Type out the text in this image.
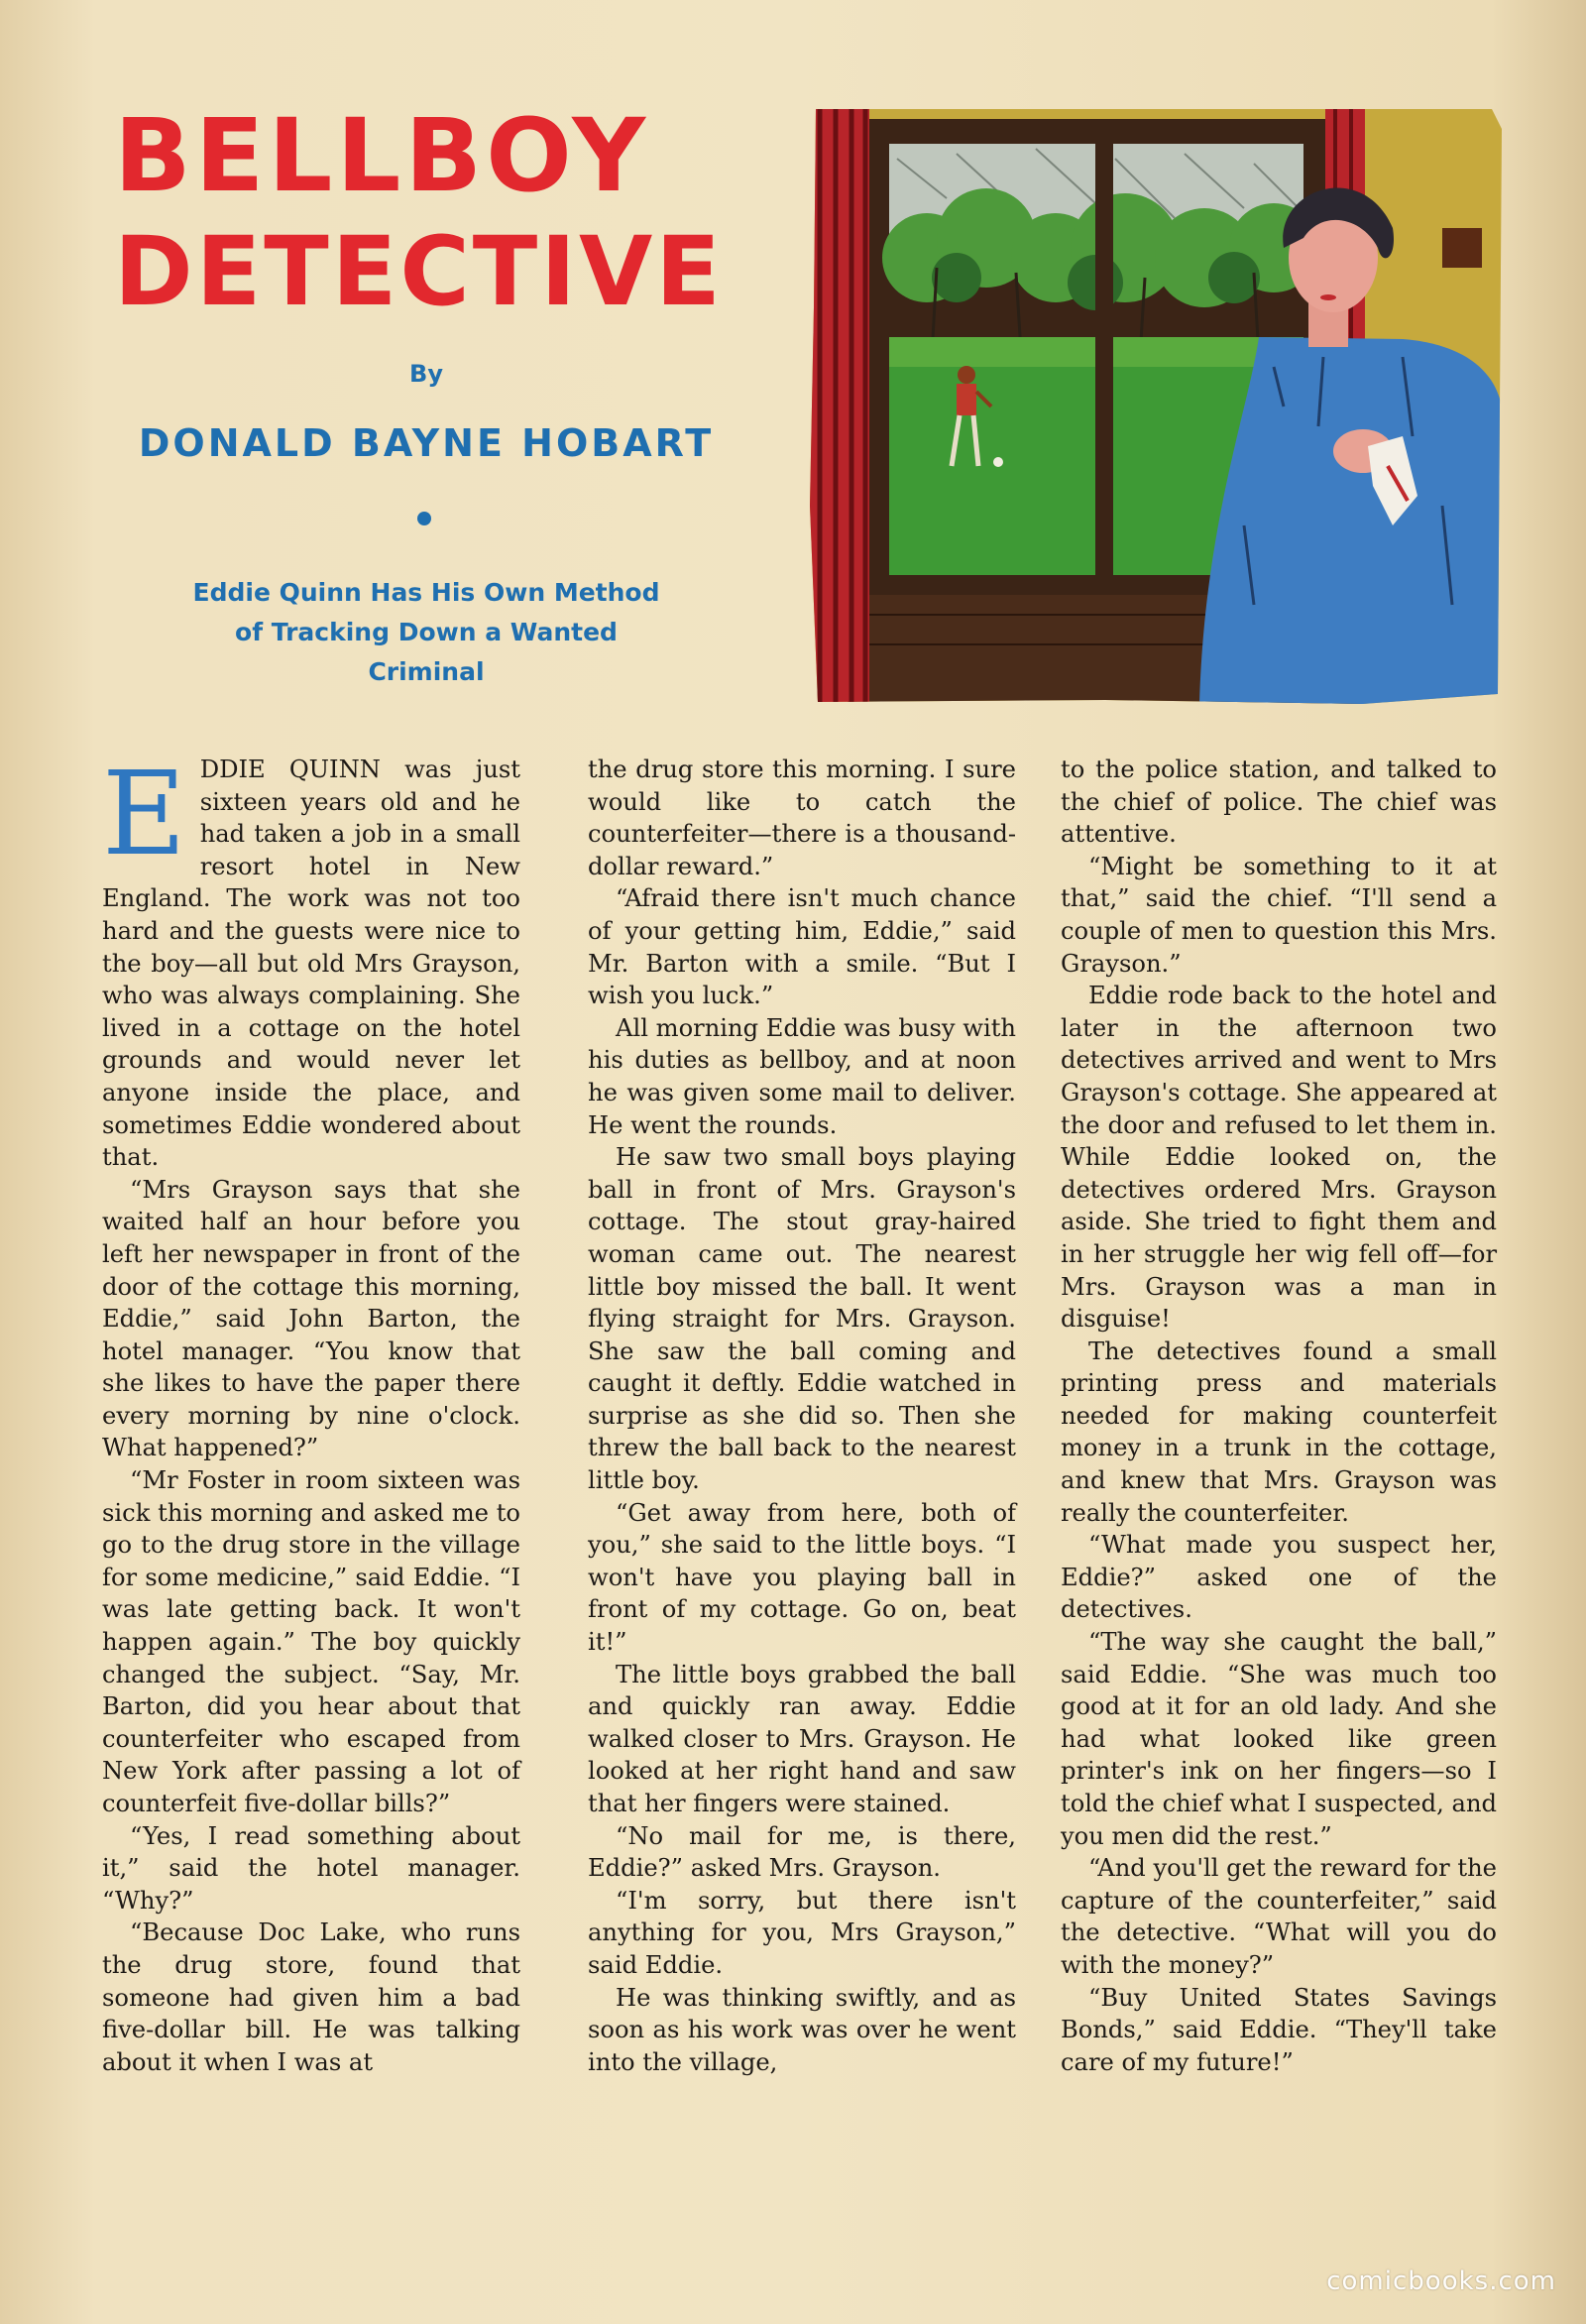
BELLBOY
DETECTIVE
By
DONALD BAYNE HOBART
Eddie Quinn Has His Own Method
of Tracking Down a Wanted
Criminal

EDDIE QUINN was just sixteen years old and he had taken a job in a small resort hotel in New England. The work was not too hard and the guests were nice to the boy—all but old Mrs Grayson, who was always complaining. She lived in a cottage on the hotel grounds and would never let anyone inside the place, and sometimes Eddie wondered about that.

“Mrs Grayson says that she waited half an hour before you left her newspaper in front of the door of the cottage this morning, Eddie,” said John Barton, the hotel manager. “You know that she likes to have the paper there every morning by nine o'clock. What happened?”

“Mr Foster in room sixteen was sick this morning and asked me to go to the drug store in the village for some medicine,” said Eddie. “I was late getting back. It won't happen again.” The boy quickly changed the subject. “Say, Mr. Barton, did you hear about that counterfeiter who escaped from New York after passing a lot of counterfeit five-dollar bills?”

“Yes, I read something about it,” said the hotel manager. “Why?”

“Because Doc Lake, who runs the drug store, found that someone had given him a bad five-dollar bill. He was talking about it when I was at

the drug store this morning. I sure would like to catch the counterfeiter—there is a thousand-dollar reward.”

“Afraid there isn't much chance of your getting him, Eddie,” said Mr. Barton with a smile. “But I wish you luck.”

All morning Eddie was busy with his duties as bellboy, and at noon he was given some mail to deliver. He went the rounds.

He saw two small boys playing ball in front of Mrs. Grayson's cottage. The stout gray-haired woman came out. The nearest little boy missed the ball. It went flying straight for Mrs. Grayson. She saw the ball coming and caught it deftly. Eddie watched in surprise as she did so. Then she threw the ball back to the nearest little boy.

“Get away from here, both of you,” she said to the little boys. “I won't have you playing ball in front of my cottage. Go on, beat it!”

The little boys grabbed the ball and quickly ran away. Eddie walked closer to Mrs. Grayson. He looked at her right hand and saw that her fingers were stained.

“No mail for me, is there, Eddie?” asked Mrs. Grayson.

“I'm sorry, but there isn't anything for you, Mrs Grayson,” said Eddie.

He was thinking swiftly, and as soon as his work was over he went into the village,

to the police station, and talked to the chief of police. The chief was attentive.

“Might be something to it at that,” said the chief. “I'll send a couple of men to question this Mrs. Grayson.”

Eddie rode back to the hotel and later in the afternoon two detectives arrived and went to Mrs Grayson's cottage. She appeared at the door and refused to let them in. While Eddie looked on, the detectives ordered Mrs. Grayson aside. She tried to fight them and in her struggle her wig fell off—for Mrs. Grayson was a man in disguise!

The detectives found a small printing press and materials needed for making counterfeit money in a trunk in the cottage, and knew that Mrs. Grayson was really the counterfeiter.

“What made you suspect her, Eddie?” asked one of the detectives.

“The way she caught the ball,” said Eddie. “She was much too good at it for an old lady. And she had what looked like green printer's ink on her fingers—so I told the chief what I suspected, and you men did the rest.”

“And you'll get the reward for the capture of the counterfeiter,” said the detective. “What will you do with the money?”

“Buy United States Savings Bonds,” said Eddie. “They'll take care of my future!”

comicbooks.com
